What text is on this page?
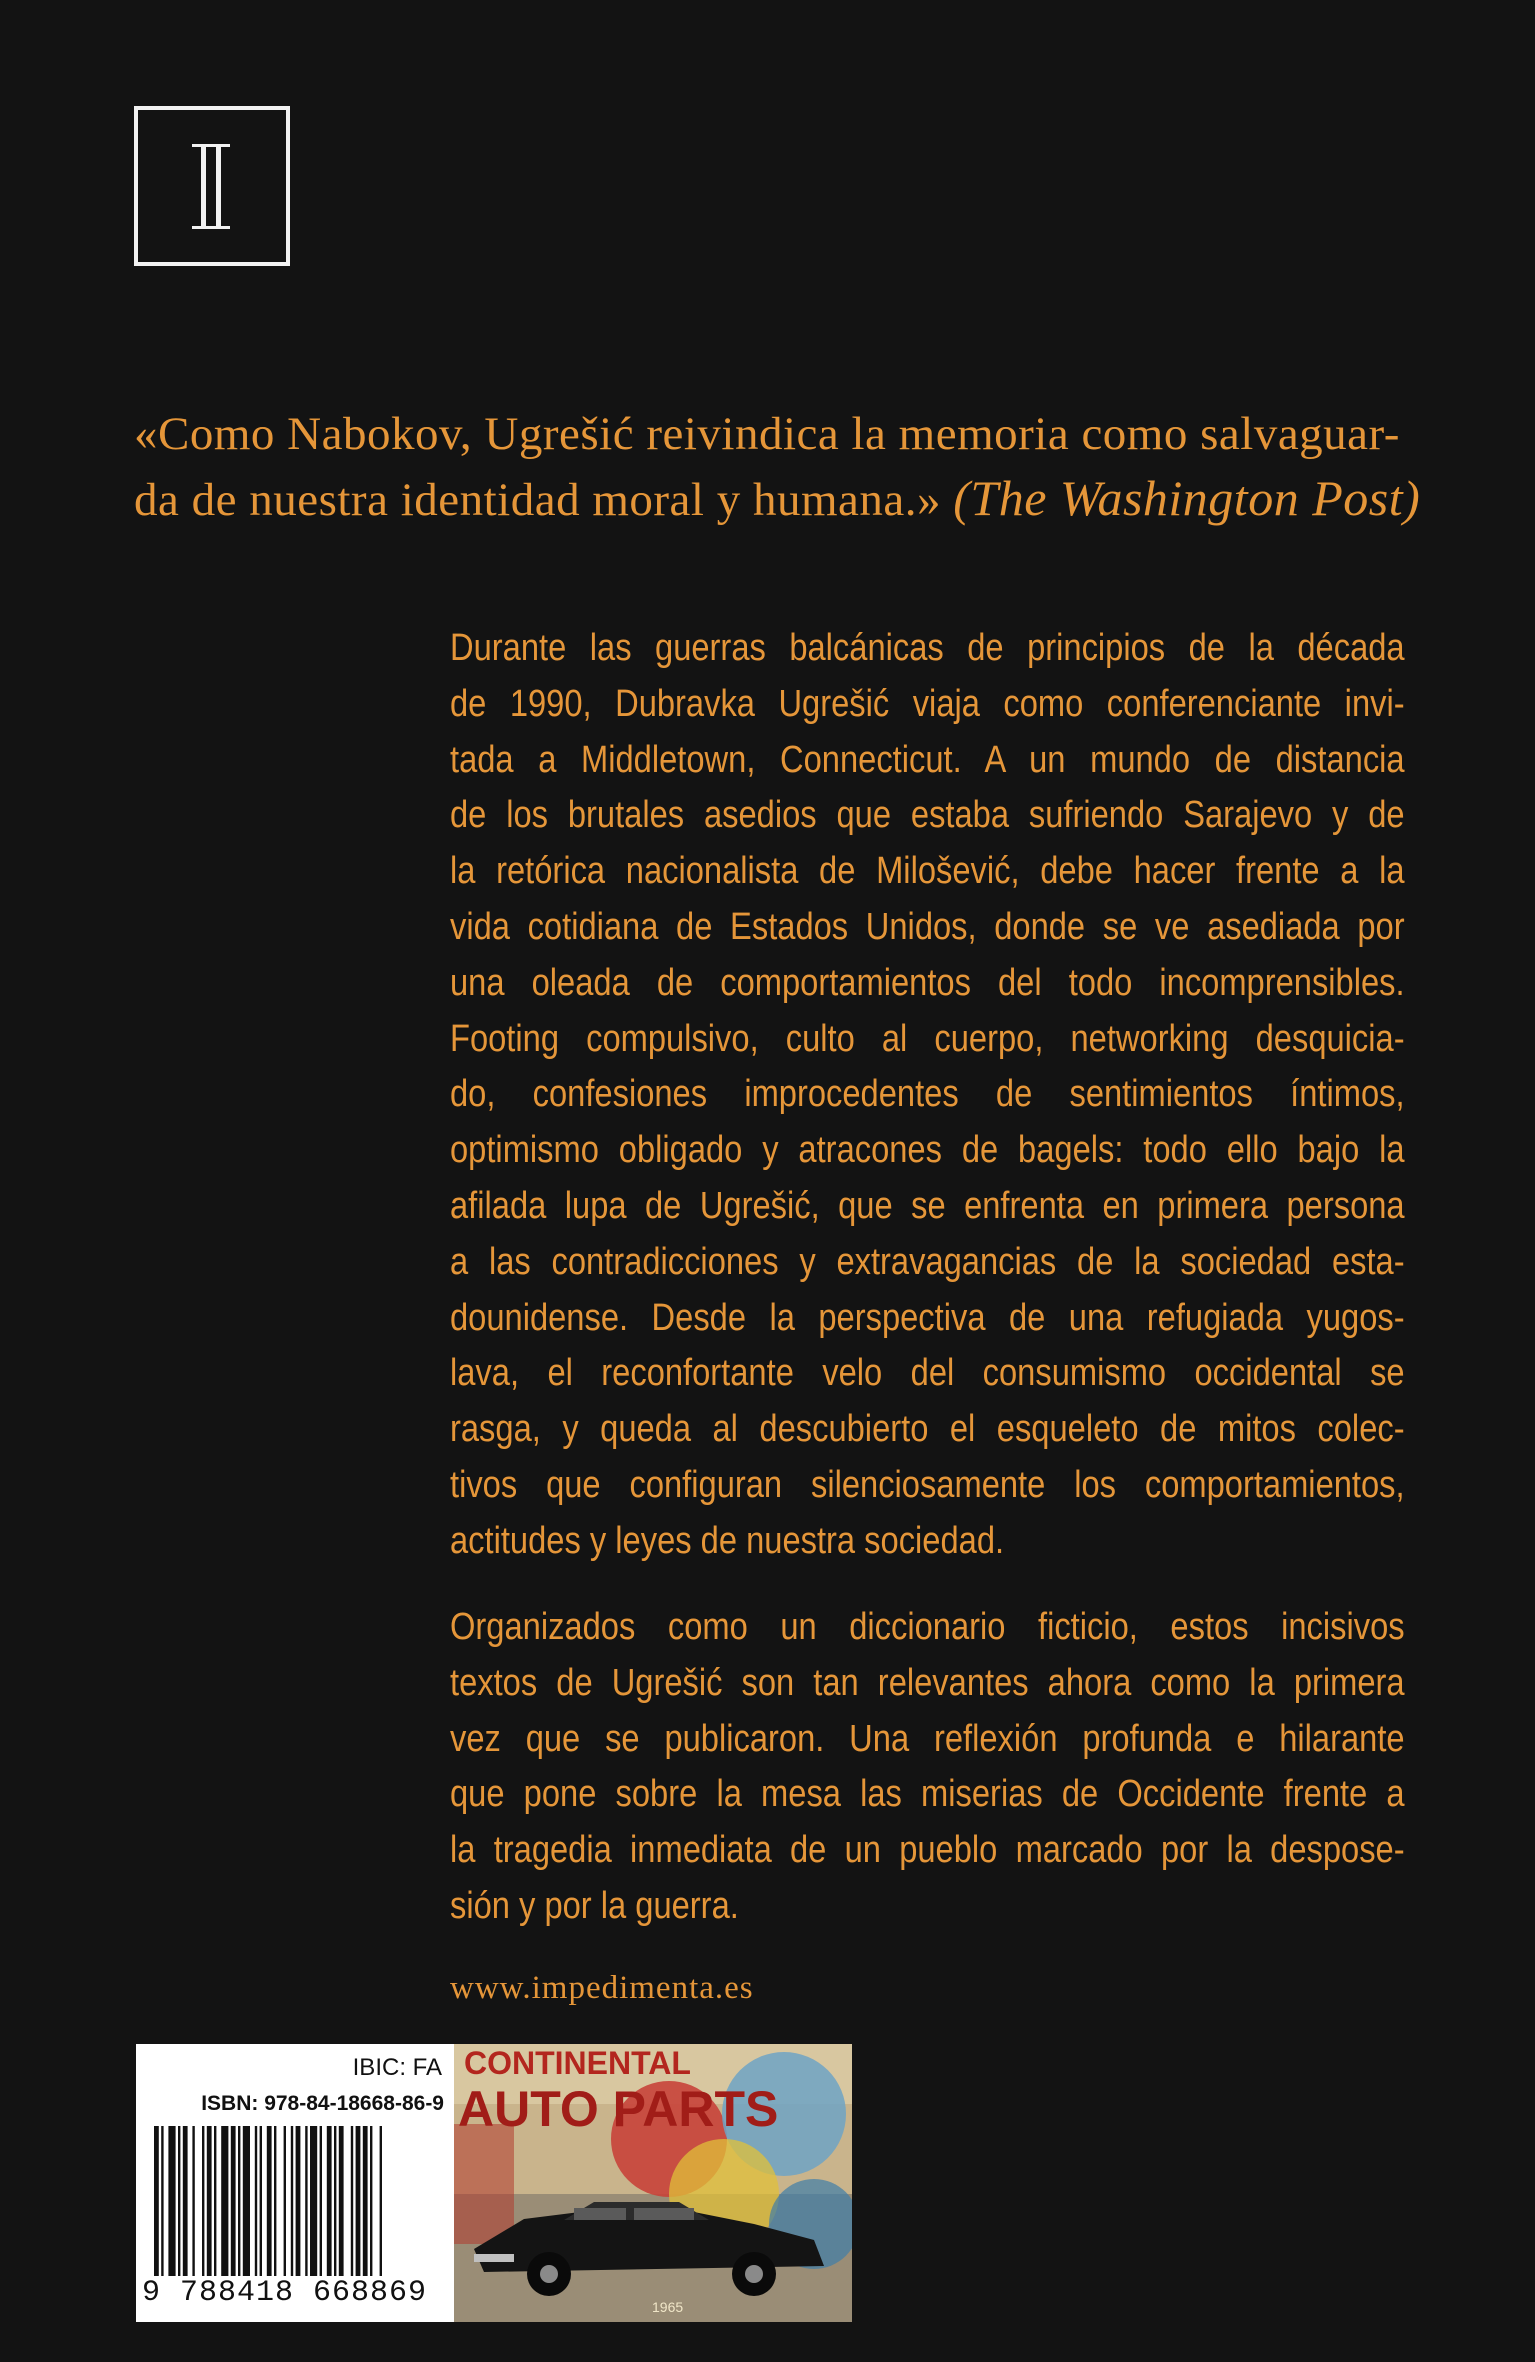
«Como Nabokov, Ugrešić reivindica la memoria como salvaguar-
da de nuestra identidad moral y humana.» (The Washington Post)
Durante las guerras balcánicas de principios de la década
de 1990, Dubravka Ugrešić viaja como conferenciante invi-
tada a Middletown, Connecticut. A un mundo de distancia
de los brutales asedios que estaba sufriendo Sarajevo y de
la retórica nacionalista de Milošević, debe hacer frente a la
vida cotidiana de Estados Unidos, donde se ve asediada por
una oleada de comportamientos del todo incomprensibles.
Footing compulsivo, culto al cuerpo, networking desquicia-
do, confesiones improcedentes de sentimientos íntimos,
optimismo obligado y atracones de bagels: todo ello bajo la
afilada lupa de Ugrešić, que se enfrenta en primera persona
a las contradicciones y extravagancias de la sociedad esta-
dounidense. Desde la perspectiva de una refugiada yugos-
lava, el reconfortante velo del consumismo occidental se
rasga, y queda al descubierto el esqueleto de mitos colec-
tivos que configuran silenciosamente los comportamientos,
actitudes y leyes de nuestra sociedad.
Organizados como un diccionario ficticio, estos incisivos
textos de Ugrešić son tan relevantes ahora como la primera
vez que se publicaron. Una reflexión profunda e hilarante
que pone sobre la mesa las miserias de Occidente frente a
la tragedia inmediata de un pueblo marcado por la despose-
sión y por la guerra.
www.impedimenta.es
IBIC: FA
ISBN: 978-84-18668-86-9
9 788418 668869
CONTINENTAL
AUTO PARTS
1965
